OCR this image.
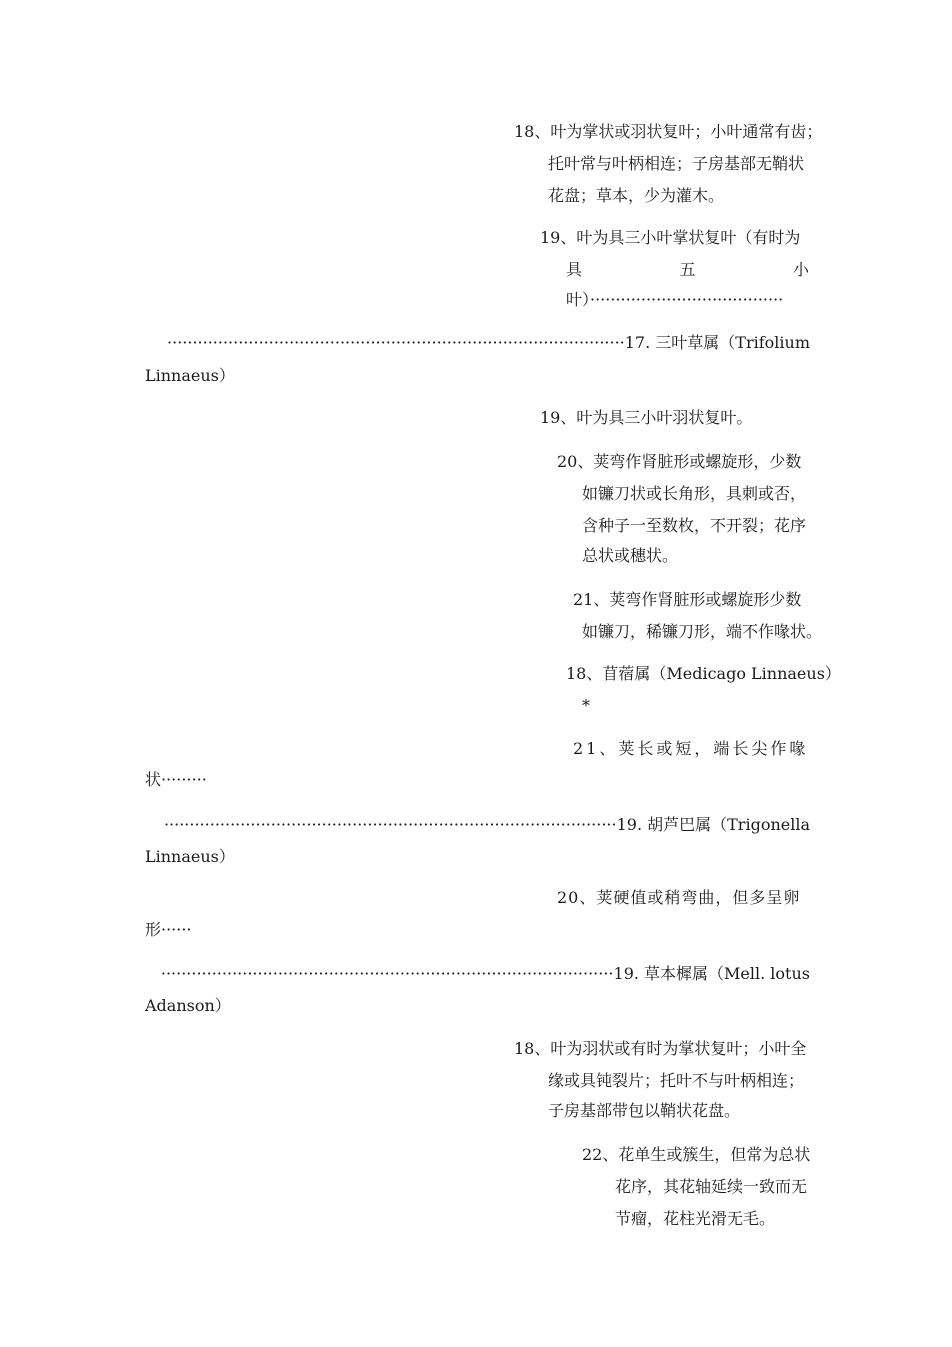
18、叶为掌状或羽状复叶；小叶通常有齿；
托叶常与叶柄相连；子房基部无鞘状
花盘；草本，少为灌木。
19、叶为具三小叶掌状复叶（有时为
具	五	小
叶）······································
··························································································17. 三叶草属（Trifolium
Linnaeus）
19、叶为具三小叶羽状复叶。
20、荚弯作肾脏形或螺旋形，少数
如镰刀状或长角形，具刺或否，
含种子一至数枚，不开裂；花序
总状或穗状。
21、荚弯作肾脏形或螺旋形少数
如镰刀，稀镰刀形，端不作喙状。
18、苜蓿属（Medicago Linnaeus）
*
21、荚长或短，端长尖作喙
状·········
·························································································19. 胡芦巴属（Trigonella
Linnaeus）
20、荚硬值或稍弯曲，但多呈卵
形······
·························································································19. 草本樨属（Mell. lotus
Adanson）
18、叶为羽状或有时为掌状复叶；小叶全
缘或具钝裂片；托叶不与叶柄相连；
子房基部带包以鞘状花盘。
22、花单生或簇生，但常为总状
花序，其花轴延续一致而无
节瘤，花柱光滑无毛。
